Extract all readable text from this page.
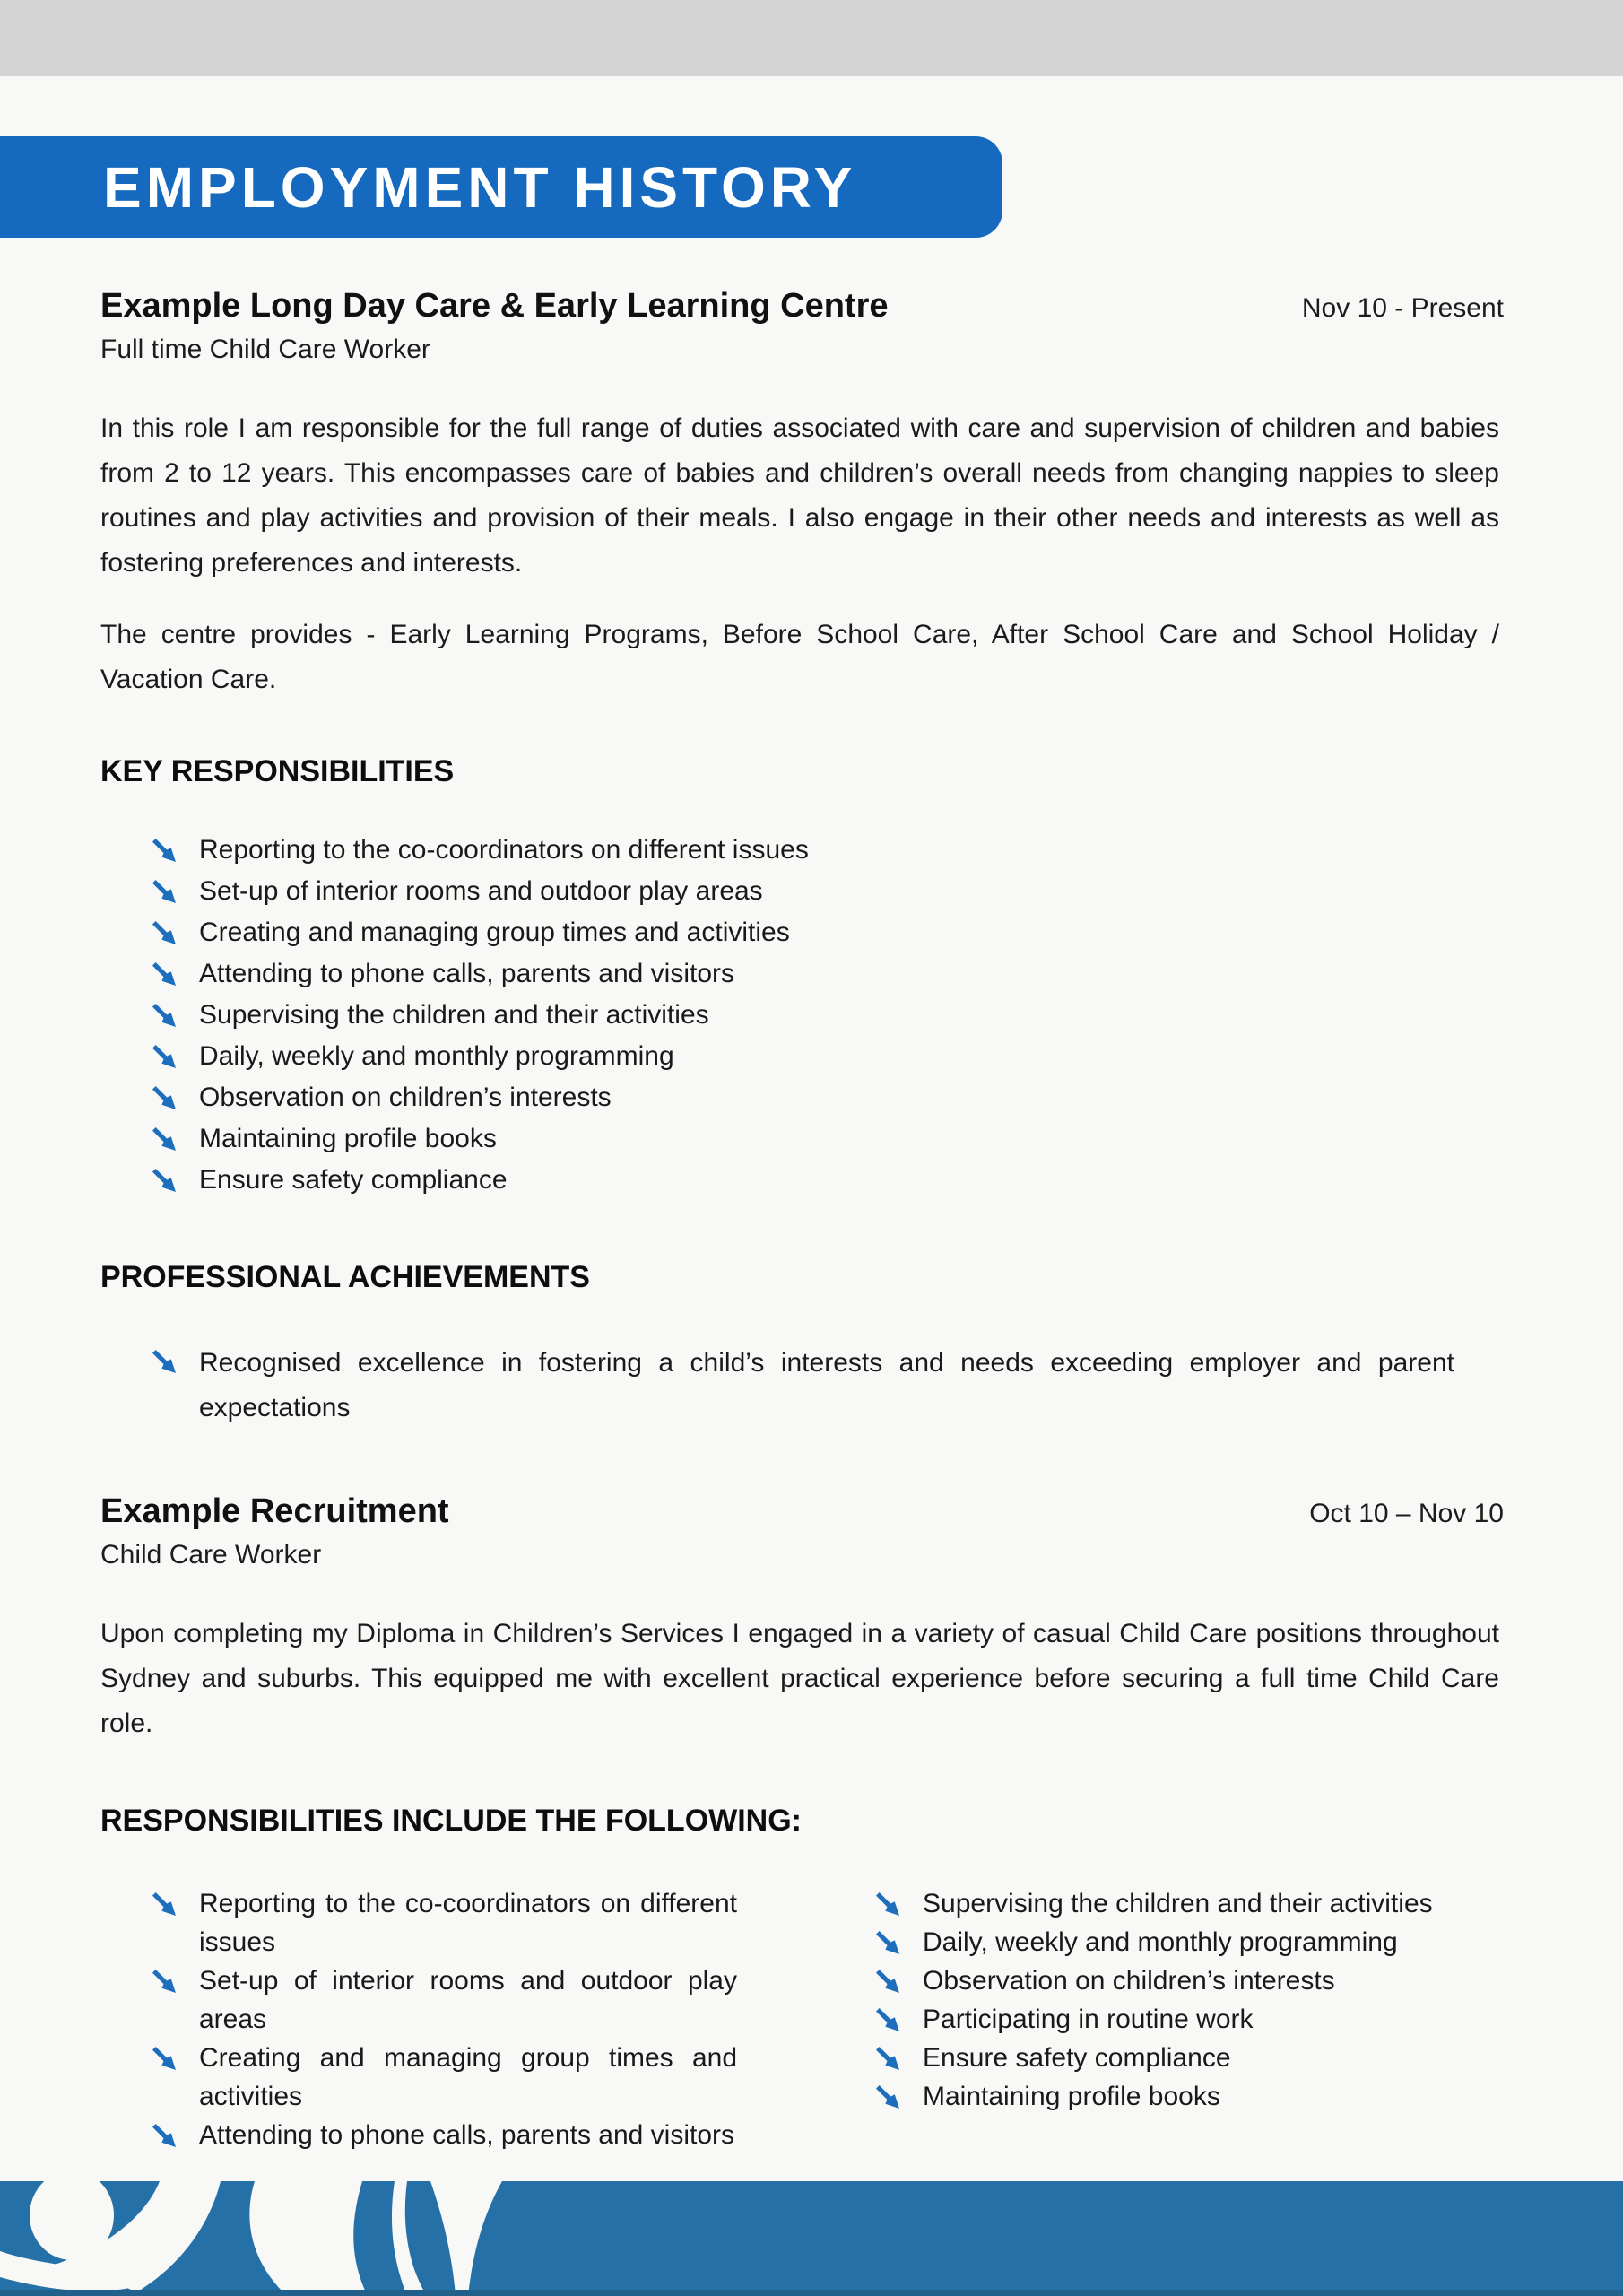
EMPLOYMENT HISTORY
Example Long Day Care & Early Learning Centre	Nov 10 - Present
Full time Child Care Worker

In this role I am responsible for the full range of duties associated with care and supervision of children and babies from 2 to 12 years. This encompasses care of babies and children’s overall needs from changing nappies to sleep routines and play activities and provision of their meals. I also engage in their other needs and interests as well as fostering preferences and interests.

The centre provides - Early Learning Programs, Before School Care, After School Care and School Holiday / Vacation Care.

KEY RESPONSIBILITIES
Reporting to the co-coordinators on different issues
Set-up of interior rooms and outdoor play areas
Creating and managing group times and activities
Attending to phone calls, parents and visitors
Supervising the children and their activities
Daily, weekly and monthly programming
Observation on children’s interests
Maintaining profile books
Ensure safety compliance
PROFESSIONAL ACHIEVEMENTS
Recognised excellence in fostering a child’s interests and needs exceeding employer and parent expectations
Example Recruitment	Oct 10 – Nov 10
Child Care Worker

Upon completing my Diploma in Children’s Services I engaged in a variety of casual Child Care positions throughout Sydney and suburbs. This equipped me with excellent practical experience before securing a full time Child Care role.

RESPONSIBILITIES INCLUDE THE FOLLOWING:
Reporting to the co-coordinators on different issues
Set-up of interior rooms and outdoor play areas
Creating and managing group times and activities
Attending to phone calls, parents and visitors
Supervising the children and their activities
Daily, weekly and monthly programming
Observation on children’s interests
Participating in routine work
Ensure safety compliance
Maintaining profile books
